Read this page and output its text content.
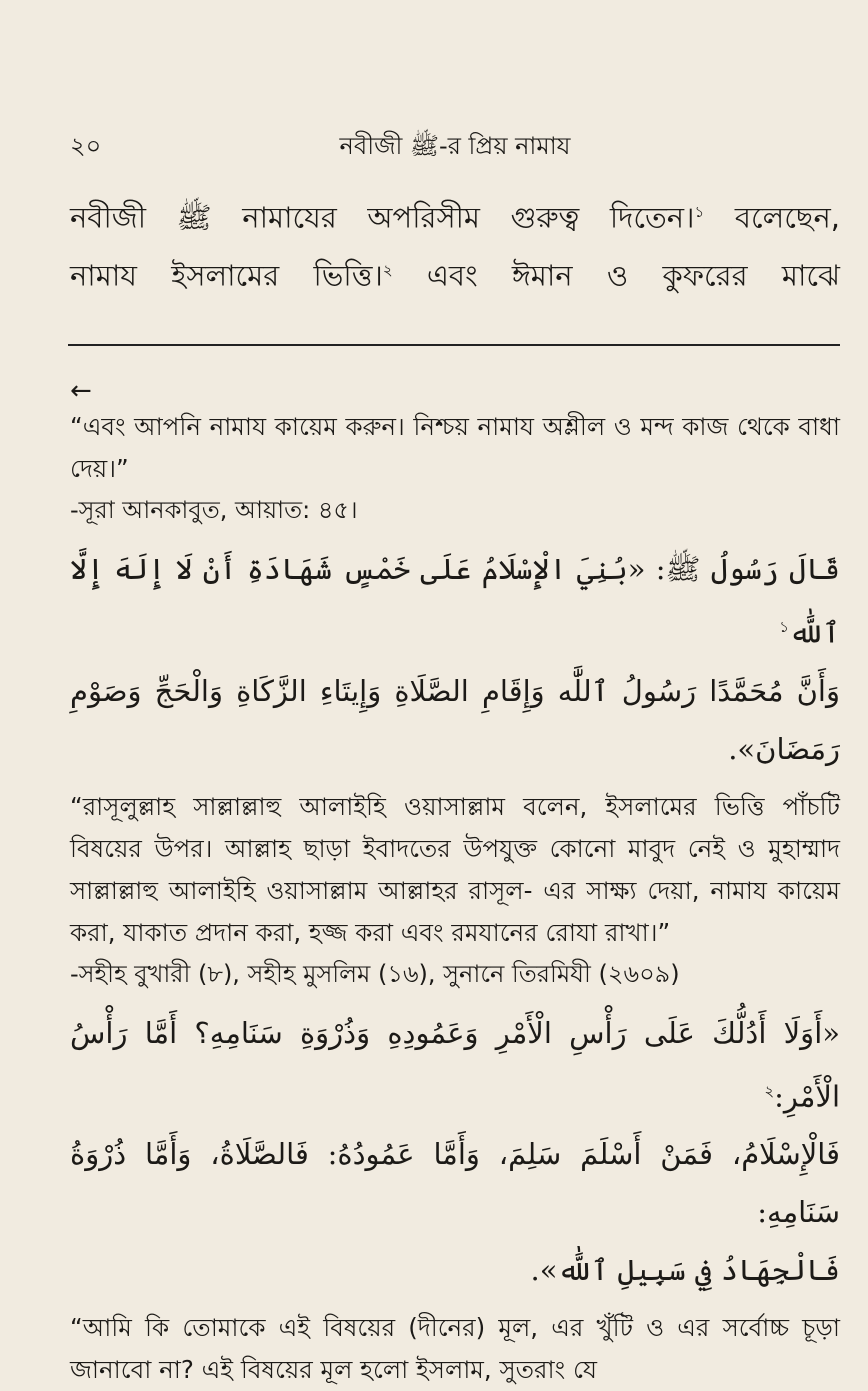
২০	নবীজী ﷺ-র প্রিয় নামায

নবীজী ﷺ নামাযের অপরিসীম গুরুত্ব দিতেন।$^১$ বলেছেন,

নামায ইসলামের ভিত্তি।$^২$ এবং ঈমান ও কুফরের মাঝে

←

“এবং আপনি নামায কায়েম করুন। নিশ্চয় নামায অশ্লীল ও মন্দ কাজ থেকে বাধা দেয়।”

-সূরা আনকাবুত, আয়াত: ৪৫।

قَالَ رَسُولُ ﷺ: «بُنِيَ الْإِسْلَامُ عَلَى خَمْسٍ شَهَادَةِ أَنْ لَا إِلَهَ إِلَّا ٱللَّٰه$^১$

وَأَنَّ مُحَمَّدًا رَسُولُ ٱللَّٰه وَإِقَامِ الصَّلَاةِ وَإِيتَاءِ الزَّكَاةِ وَالْحَجِّ وَصَوْمِ رَمَضَانَ».

“রাসূলুল্লাহ সাল্লাল্লাহু আলাইহি ওয়াসাল্লাম বলেন, ইসলামের ভিত্তি পাঁচটি বিষয়ের উপর। আল্লাহ ছাড়া ইবাদতের উপযুক্ত কোনো মাবুদ নেই ও মুহাম্মাদ সাল্লাল্লাহু আলাইহি ওয়াসাল্লাম আল্লাহর রাসূল- এর সাক্ষ্য দেয়া, নামায কায়েম করা, যাকাত প্রদান করা, হজ্জ করা এবং রমযানের রোযা রাখা।”

-সহীহ বুখারী (৮), সহীহ মুসলিম (১৬), সুনানে তিরমিযী (২৬০৯)

«أَوَلَا أَدُلُّكَ عَلَى رَأْسِ الْأَمْرِ وَعَمُودِهِ وَذُرْوَةِ سَنَامِهِ؟ أَمَّا رَأْسُ الْأَمْرِ:$^২$

فَالْإِسْلَامُ، فَمَنْ أَسْلَمَ سَلِمَ، وَأَمَّا عَمُودُهُ: فَالصَّلَاةُ، وَأَمَّا ذُرْوَةُ سَنَامِهِ:

فَالْجِهَادُ فِي سَبِيلِ ٱللَّٰه».

“আমি কি তোমাকে এই বিষয়ের (দীনের) মূল, এর খুঁটি ও এর সর্বোচ্চ চূড়া জানাবো না? এই বিষয়ের মূল হলো ইসলাম, সুতরাং যে
